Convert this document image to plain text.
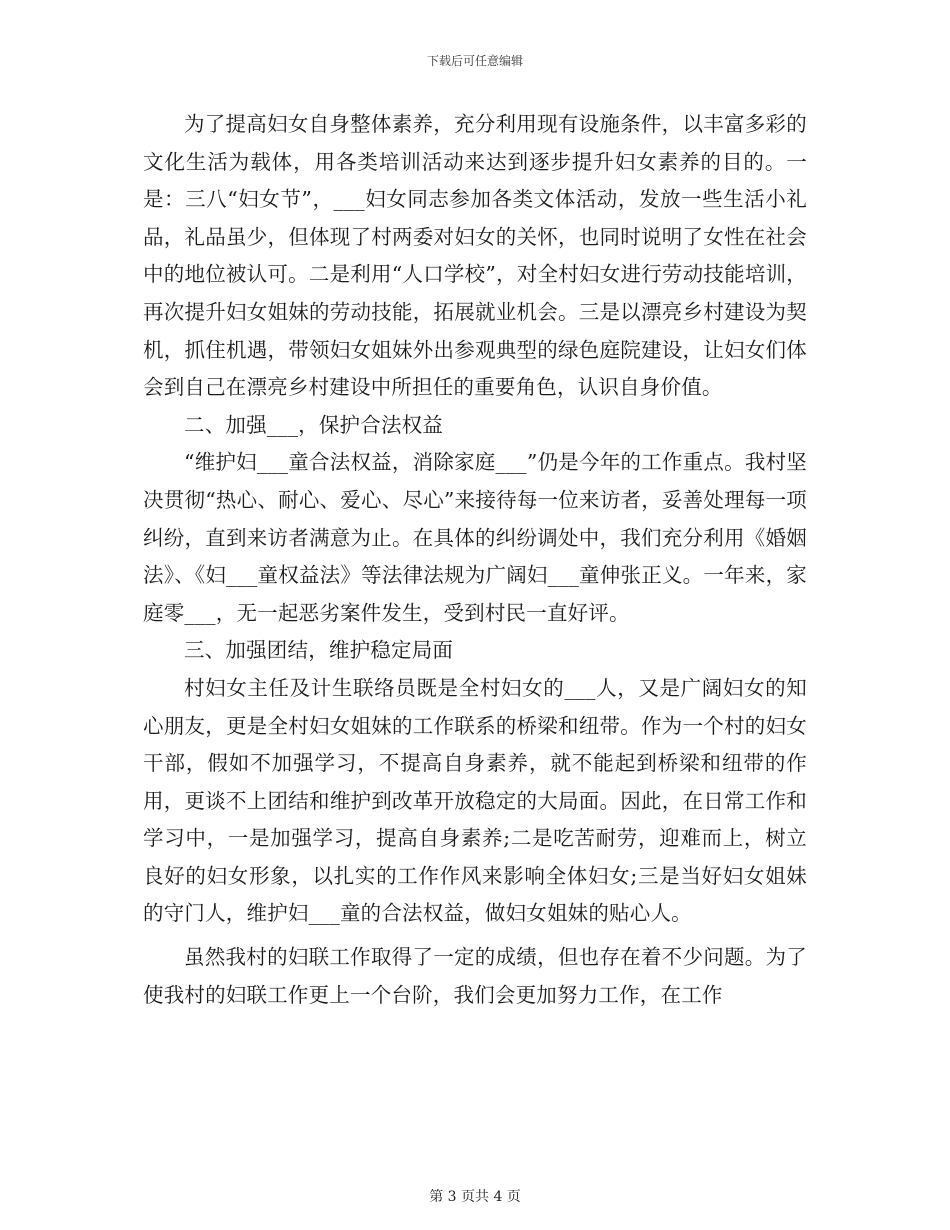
下载后可任意编辑

为了提高妇女自身整体素养，充分利用现有设施条件，以丰富多彩的文化生活为载体，用各类培训活动来达到逐步提升妇女素养的目的。一是：三八“妇女节”，___妇女同志参加各类文体活动，发放一些生活小礼品，礼品虽少，但体现了村两委对妇女的关怀，也同时说明了女性在社会中的地位被认可。二是利用“人口学校”，对全村妇女进行劳动技能培训，再次提升妇女姐妹的劳动技能，拓展就业机会。三是以漂亮乡村建设为契机，抓住机遇，带领妇女姐妹外出参观典型的绿色庭院建设，让妇女们体会到自己在漂亮乡村建设中所担任的重要角色，认识自身价值。

二、加强___，保护合法权益

“维护妇___童合法权益，消除家庭___”仍是今年的工作重点。我村坚决贯彻“热心、耐心、爱心、尽心”来接待每一位来访者，妥善处理每一项纠纷，直到来访者满意为止。在具体的纠纷调处中，我们充分利用《婚姻法》、《妇___童权益法》等法律法规为广阔妇___童伸张正义。一年来，家庭零___，无一起恶劣案件发生，受到村民一直好评。

三、加强团结，维护稳定局面

村妇女主任及计生联络员既是全村妇女的___人，又是广阔妇女的知心朋友，更是全村妇女姐妹的工作联系的桥梁和纽带。作为一个村的妇女干部，假如不加强学习，不提高自身素养，就不能起到桥梁和纽带的作用，更谈不上团结和维护到改革开放稳定的大局面。因此，在日常工作和学习中，一是加强学习，提高自身素养;二是吃苦耐劳，迎难而上，树立良好的妇女形象，以扎实的工作作风来影响全体妇女;三是当好妇女姐妹的守门人，维护妇___童的合法权益，做妇女姐妹的贴心人。

虽然我村的妇联工作取得了一定的成绩，但也存在着不少问题。为了使我村的妇联工作更上一个台阶，我们会更加努力工作，在工作

第 3 页共 4 页
